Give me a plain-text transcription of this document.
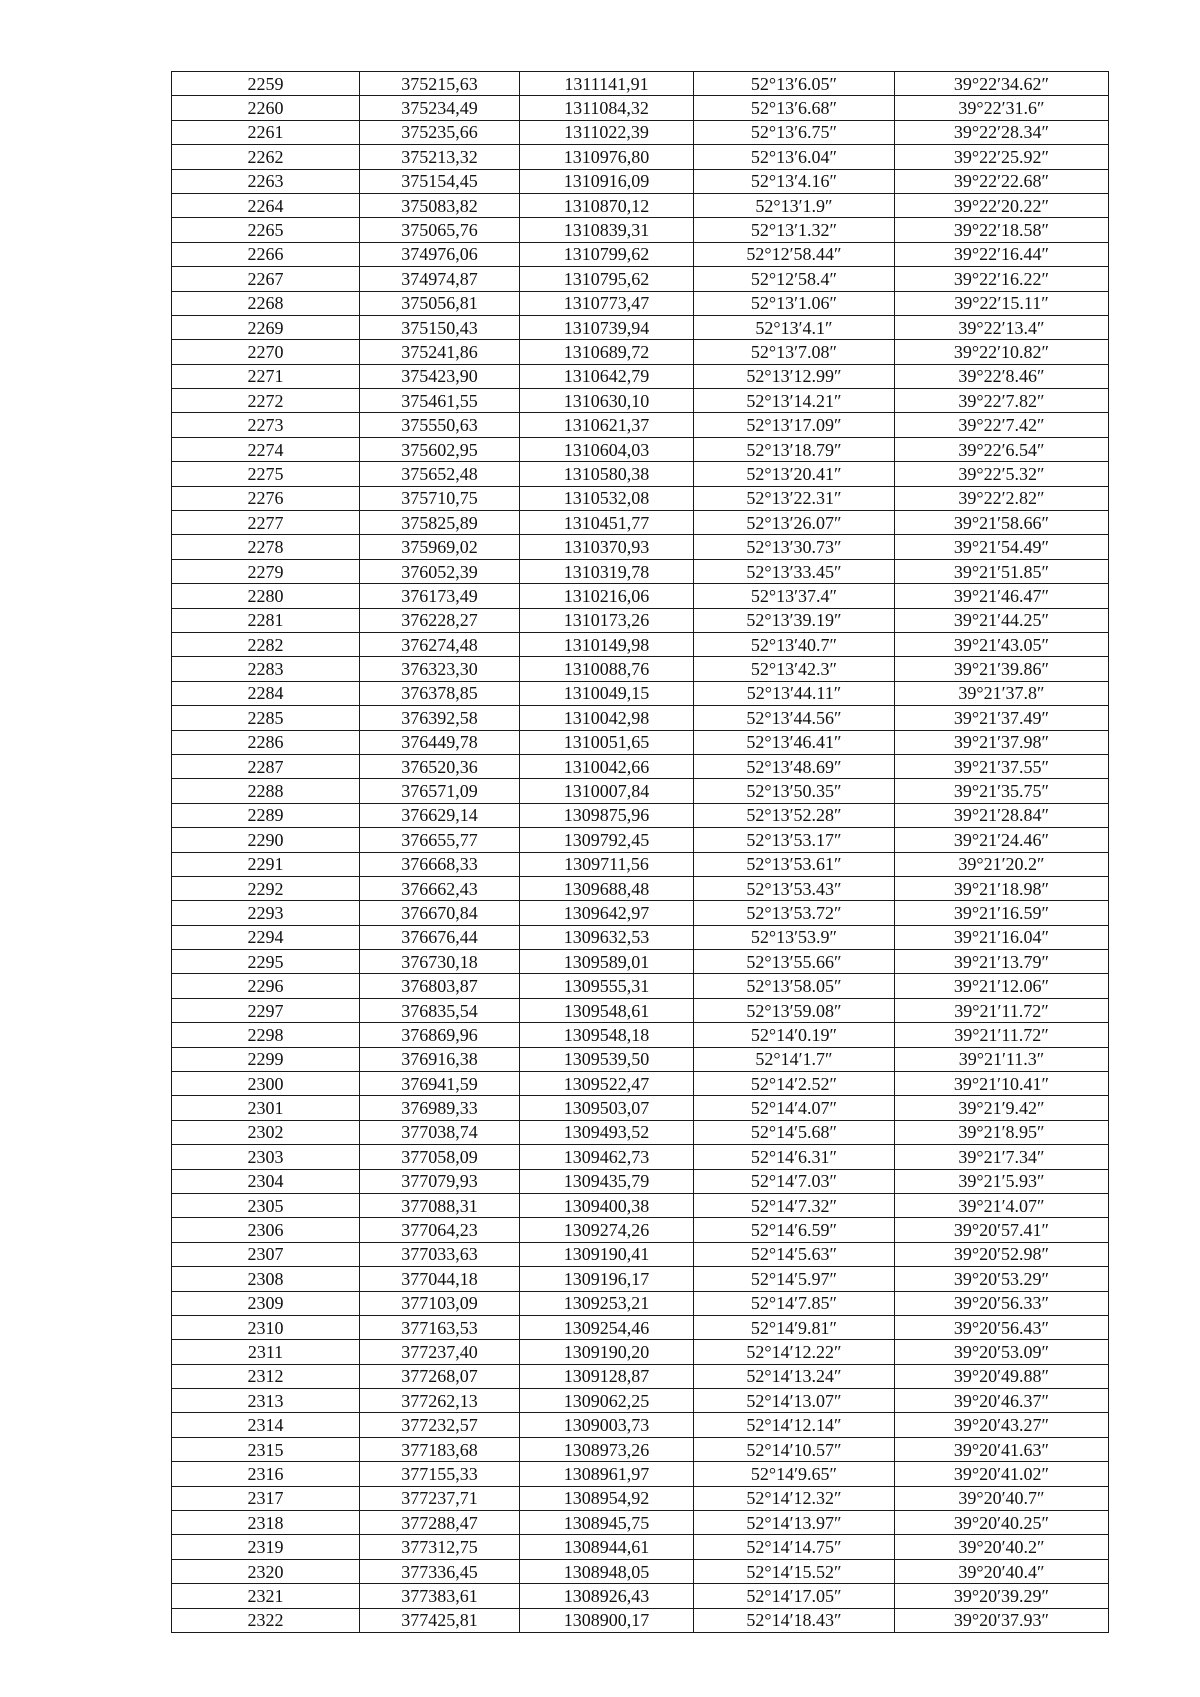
2259	375215,63	1311141,91	52°13′6.05″	39°22′34.62″
2260	375234,49	1311084,32	52°13′6.68″	39°22′31.6″
2261	375235,66	1311022,39	52°13′6.75″	39°22′28.34″
2262	375213,32	1310976,80	52°13′6.04″	39°22′25.92″
2263	375154,45	1310916,09	52°13′4.16″	39°22′22.68″
2264	375083,82	1310870,12	52°13′1.9″	39°22′20.22″
2265	375065,76	1310839,31	52°13′1.32″	39°22′18.58″
2266	374976,06	1310799,62	52°12′58.44″	39°22′16.44″
2267	374974,87	1310795,62	52°12′58.4″	39°22′16.22″
2268	375056,81	1310773,47	52°13′1.06″	39°22′15.11″
2269	375150,43	1310739,94	52°13′4.1″	39°22′13.4″
2270	375241,86	1310689,72	52°13′7.08″	39°22′10.82″
2271	375423,90	1310642,79	52°13′12.99″	39°22′8.46″
2272	375461,55	1310630,10	52°13′14.21″	39°22′7.82″
2273	375550,63	1310621,37	52°13′17.09″	39°22′7.42″
2274	375602,95	1310604,03	52°13′18.79″	39°22′6.54″
2275	375652,48	1310580,38	52°13′20.41″	39°22′5.32″
2276	375710,75	1310532,08	52°13′22.31″	39°22′2.82″
2277	375825,89	1310451,77	52°13′26.07″	39°21′58.66″
2278	375969,02	1310370,93	52°13′30.73″	39°21′54.49″
2279	376052,39	1310319,78	52°13′33.45″	39°21′51.85″
2280	376173,49	1310216,06	52°13′37.4″	39°21′46.47″
2281	376228,27	1310173,26	52°13′39.19″	39°21′44.25″
2282	376274,48	1310149,98	52°13′40.7″	39°21′43.05″
2283	376323,30	1310088,76	52°13′42.3″	39°21′39.86″
2284	376378,85	1310049,15	52°13′44.11″	39°21′37.8″
2285	376392,58	1310042,98	52°13′44.56″	39°21′37.49″
2286	376449,78	1310051,65	52°13′46.41″	39°21′37.98″
2287	376520,36	1310042,66	52°13′48.69″	39°21′37.55″
2288	376571,09	1310007,84	52°13′50.35″	39°21′35.75″
2289	376629,14	1309875,96	52°13′52.28″	39°21′28.84″
2290	376655,77	1309792,45	52°13′53.17″	39°21′24.46″
2291	376668,33	1309711,56	52°13′53.61″	39°21′20.2″
2292	376662,43	1309688,48	52°13′53.43″	39°21′18.98″
2293	376670,84	1309642,97	52°13′53.72″	39°21′16.59″
2294	376676,44	1309632,53	52°13′53.9″	39°21′16.04″
2295	376730,18	1309589,01	52°13′55.66″	39°21′13.79″
2296	376803,87	1309555,31	52°13′58.05″	39°21′12.06″
2297	376835,54	1309548,61	52°13′59.08″	39°21′11.72″
2298	376869,96	1309548,18	52°14′0.19″	39°21′11.72″
2299	376916,38	1309539,50	52°14′1.7″	39°21′11.3″
2300	376941,59	1309522,47	52°14′2.52″	39°21′10.41″
2301	376989,33	1309503,07	52°14′4.07″	39°21′9.42″
2302	377038,74	1309493,52	52°14′5.68″	39°21′8.95″
2303	377058,09	1309462,73	52°14′6.31″	39°21′7.34″
2304	377079,93	1309435,79	52°14′7.03″	39°21′5.93″
2305	377088,31	1309400,38	52°14′7.32″	39°21′4.07″
2306	377064,23	1309274,26	52°14′6.59″	39°20′57.41″
2307	377033,63	1309190,41	52°14′5.63″	39°20′52.98″
2308	377044,18	1309196,17	52°14′5.97″	39°20′53.29″
2309	377103,09	1309253,21	52°14′7.85″	39°20′56.33″
2310	377163,53	1309254,46	52°14′9.81″	39°20′56.43″
2311	377237,40	1309190,20	52°14′12.22″	39°20′53.09″
2312	377268,07	1309128,87	52°14′13.24″	39°20′49.88″
2313	377262,13	1309062,25	52°14′13.07″	39°20′46.37″
2314	377232,57	1309003,73	52°14′12.14″	39°20′43.27″
2315	377183,68	1308973,26	52°14′10.57″	39°20′41.63″
2316	377155,33	1308961,97	52°14′9.65″	39°20′41.02″
2317	377237,71	1308954,92	52°14′12.32″	39°20′40.7″
2318	377288,47	1308945,75	52°14′13.97″	39°20′40.25″
2319	377312,75	1308944,61	52°14′14.75″	39°20′40.2″
2320	377336,45	1308948,05	52°14′15.52″	39°20′40.4″
2321	377383,61	1308926,43	52°14′17.05″	39°20′39.29″
2322	377425,81	1308900,17	52°14′18.43″	39°20′37.93″
